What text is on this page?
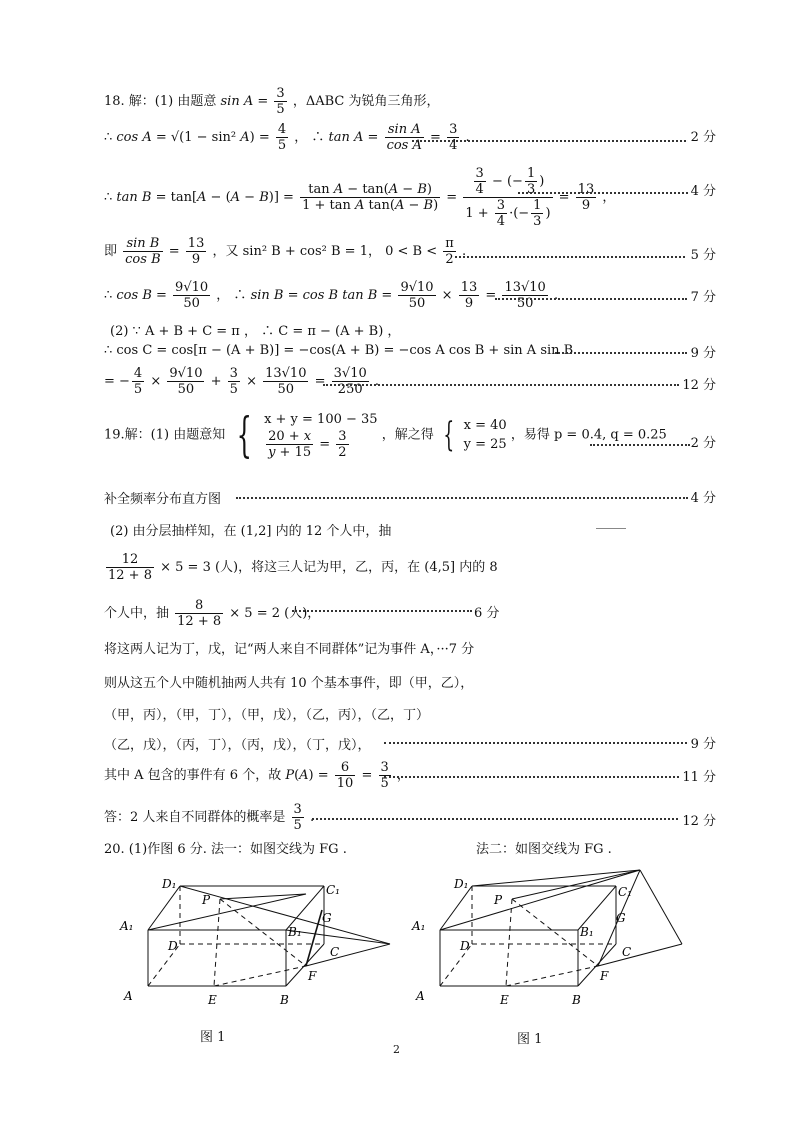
18. 解：(1) 由题意 $\sin A = \frac{3}{5}$ ，ΔABC 为锐角三角形，
∴ cos A = √(1 − sin² $A) = \frac{4}{5}$ ， ∴ $\tan A = \frac{\text{sin A}}{\text{cos A}} = \frac{3}{4}$ .	2 分
∴ $\tan B = \tan[A - (A - B)] = \frac{\text{tan A − tan(A − B)}}{\text{1 + tan A tan(A − B)}} = \frac{\frac{3}{4} - (- \frac{1}{3} )}{1 + \frac{3}{4} \cdot(- \frac{1}{3} )} = \frac{13}{9}$ ，	4 分
即 $\frac{\text{sin B}}{\text{cos B}} = \frac{13}{9}$ ，又 sin² B + cos² B = 1， $0 < B < \frac{\pi}{2}$ .	5 分
∴ $\cos B = \frac{9√10}{50}$ ， ∴ sin B = cos B $\tan B = \frac{9√10}{50} \times \frac{13}{9} = \frac{13√10}{50}$ .	7 分
(2) ∵ A + B + C = π ， ∴ C = π − (A + B) ，
∴ cos C = cos[π − (A + B)] = −cos(A + B) = −cos A cos B + sin A sin B	9 分
= − $\frac{4}{5} \times \frac{9√10}{50} + \frac{3}{5} \times \frac{13√10}{50} = \frac{3√10}{250}$ .	12 分
19.解：(1) 由题意知 { x + y = 100 − 35
$\frac{20 + x}{y + 15} = \frac{3}{2}$	，解之得 { x = 40
y = 25
，易得 p = 0.4, q = 0.25
2 分
补全频率分布直方图	4 分
(2) 由分层抽样知，在 (1,2] 内的 12 个人中，抽
$\frac{12}{12 + 8} \times 5 = 3$ (人)，将这三人记为甲，乙，丙，在 (4,5] 内的 8
个人中，抽 $\frac{8}{12 + 8} \times 5 = 2$ (人)，	6 分
将这两人记为丁，戊，记“两人来自不同群体”记为事件 A，···7 分
则从这五个人中随机抽两人共有 10 个基本事件，即（甲，乙），
（甲，丙），（甲，丁），（甲，戊），（乙，丙），（乙，丁）
（乙，戊），（丙，丁），（丙，戊），（丁，戊），	9 分
其中 A 包含的事件有 6 个，故 $P(A) = \frac{6}{10} = \frac{3}{5}$ ，	11 分
答：2 人来自不同群体的概率是 $\frac{3}{5}$ .	12 分
20. (1)作图 6 分. 法一：如图交线为 FG .	法二：如图交线为 FG .
D₁	C₁
P
G
A₁	B₁
D	C
F
A	E	B
D₁
C₁
P
G
A₁	B₁
D	C
F
A	E	B
图 1	图 1
2
